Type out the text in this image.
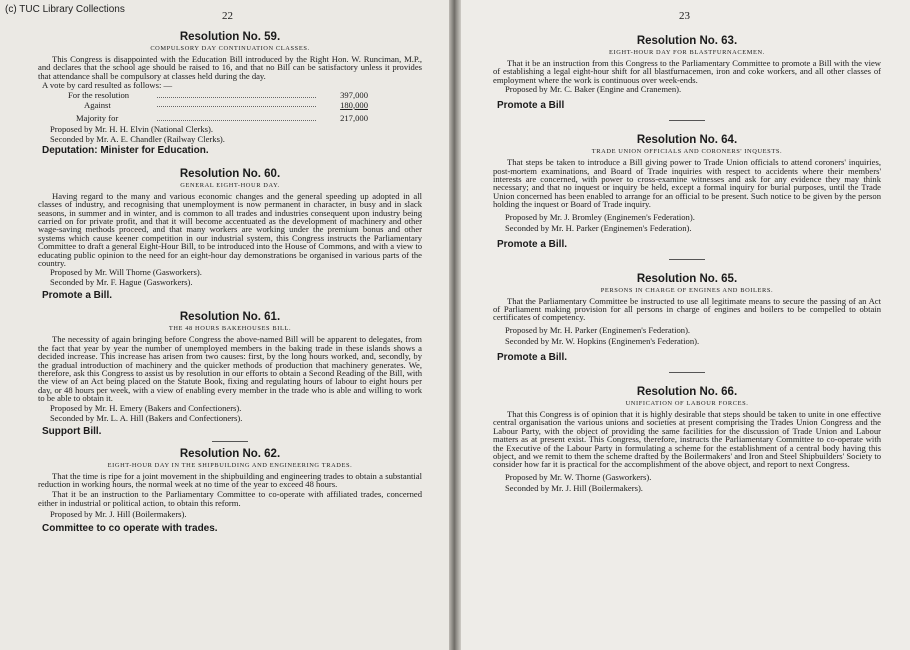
(c) TUC Library Collections
22
Resolution No. 59.
COMPULSORY DAY CONTINUATION CLASSES.

This Congress is disappointed with the Education Bill introduced by the Right Hon. W. Runciman, M.P., and declares that the school age should be raised to 16, and that no Bill can be satisfactory unless it provides that attendance shall be compulsory at classes held during the day.

A vote by card resulted as follows: —
For the resolution	397,000
Against	180,000
Majority for	217,000
Proposed by Mr. H. H. Elvin (National Clerks).
Seconded by Mr. A. E. Chandler (Railway Clerks).
Deputation: Minister for Education.
Resolution No. 60.
GENERAL EIGHT-HOUR DAY.

Having regard to the many and various economic changes and the general speeding up adopted in all classes of industry, and recognising that unemployment is now permanent in character, in busy and in slack seasons, in summer and in winter, and is common to all trades and industries consequent upon industry being carried on for private profit, and that it will become accentuated as the development of machinery and other wage-saving methods proceed, and that many workers are working under the premium bonus and other systems which cause keener competition in our industrial system, this Congress instructs the Parliamentary Committee to draft a general Eight-Hour Bill, to be introduced into the House of Commons, and with a view to educating public opinion to the need for an eight-hour day demonstrations be organised in various parts of the country.

Proposed by Mr. Will Thorne (Gasworkers).
Seconded by Mr. F. Hague (Gasworkers).
Promote a Bill.
Resolution No. 61.
THE 48 HOURS BAKEHOUSES BILL.

The necessity of again bringing before Congress the above-named Bill will be apparent to delegates, from the fact that year by year the number of unemployed members in the baking trade in these islands shows a decided increase. This increase has arisen from two causes: first, by the long hours worked, and, secondly, by the gradual introduction of machinery and the quicker methods of production that machinery generates. We, therefore, ask this Congress to assist us by resolution in our efforts to obtain a Second Reading of the Bill, with the view of an Act being placed on the Statute Book, fixing and regulating hours of labour to eight hours per day, or 48 hours per week, with a view of enabling every member in the trade who is able and willing to work to be able to obtain it.

Proposed by Mr. H. Emery (Bakers and Confectioners).
Seconded by Mr. L. A. Hill (Bakers and Confectioners).
Support Bill.
Resolution No. 62.
EIGHT-HOUR DAY IN THE SHIPBUILDING AND ENGINEERING TRADES.

That the time is ripe for a joint movement in the shipbuilding and engineering trades to obtain a substantial reduction in working hours, the normal week at no time of the year to exceed 48 hours.

That it be an instruction to the Parliamentary Committee to co-operate with affiliated trades, concerned either in industrial or political action, to obtain this reform.

Proposed by Mr. J. Hill (Boilermakers).
Committee to co operate with trades.
23
Resolution No. 63.
EIGHT-HOUR DAY FOR BLASTFURNACEMEN.

That it be an instruction from this Congress to the Parliamentary Committee to promote a Bill with the view of establishing a legal eight-hour shift for all blastfurnacemen, iron and coke workers, and all other classes of employment where the work is continuous over week-ends.

Proposed by Mr. C. Baker (Engine and Cranemen).
Promote a Bill
Resolution No. 64.
TRADE UNION OFFICIALS AND CORONERS' INQUESTS.

That steps be taken to introduce a Bill giving power to Trade Union officials to attend coroners' inquiries, post-mortem examinations, and Board of Trade inquiries with respect to accidents where their members' interests are concerned, with power to cross-examine witnesses and ask for any evidence they may think necessary; and that no inquest or inquiry be held, except a formal inquiry for burial purposes, until the Trade Union concerned has been enabled to arrange for an official to be present. Such notice to be given by the person holding the inquest or Board of Trade inquiry.

Proposed by Mr. J. Bromley (Enginemen's Federation).
Seconded by Mr. H. Parker (Enginemen's Federation).
Promote a Bill.
Resolution No. 65.
PERSONS IN CHARGE OF ENGINES AND BOILERS.

That the Parliamentary Committee be instructed to use all legitimate means to secure the passing of an Act of Parliament making provision for all persons in charge of engines and boilers to be compelled to obtain certificates of competency.

Proposed by Mr. H. Parker (Enginemen's Federation).
Seconded by Mr. W. Hopkins (Enginemen's Federation).
Promote a Bill.
Resolution No. 66.
UNIFICATION OF LABOUR FORCES.

That this Congress is of opinion that it is highly desirable that steps should be taken to unite in one effective central organisation the various unions and societies at present comprising the Trades Union Congress and the Labour Party, with the object of providing the same facilities for the discussion of Trade Union and Labour matters as at present exist. This Congress, therefore, instructs the Parliamentary Committee to co-operate with the Executive of the Labour Party in formulating a scheme for the establishment of a central body having this object, and we remit to them the scheme drafted by the Boilermakers' and Iron and Steel Shipbuilders' Society to consider how far it is practical for the accomplishment of the above object, and report to next Congress.

Proposed by Mr. W. Thorne (Gasworkers).
Seconded by Mr. J. Hill (Boilermakers).
